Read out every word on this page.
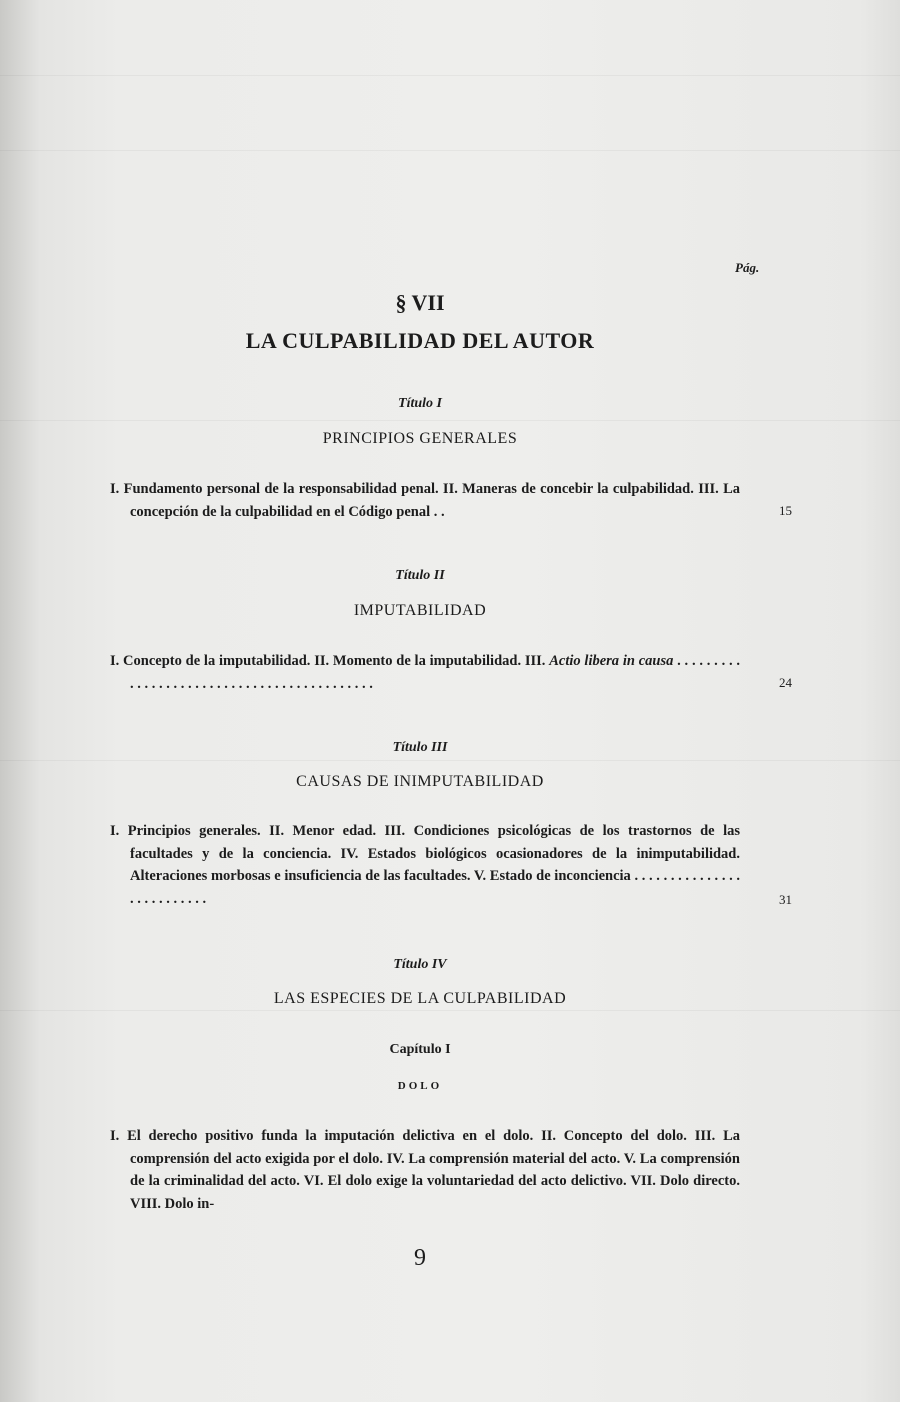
Pág.
§ VII
LA CULPABILIDAD DEL AUTOR
Título I
PRINCIPIOS GENERALES

I. Fundamento personal de la responsabilidad penal. II. Maneras de concebir la culpabilidad. III. La concepción de la culpabilidad en el Código penal . .	15
Título II
IMPUTABILIDAD

I. Concepto de la imputabilidad. II. Momento de la imputabilidad. III. Actio libera in causa . . . . . . . . . . . . . . . . . . . . . . . . . . . . . . . . . . . . . . . . . . .	24
Título III
CAUSAS DE INIMPUTABILIDAD

I. Principios generales. II. Menor edad. III. Condiciones psicológicas de los trastornos de las facultades y de la conciencia. IV. Estados biológicos ocasionadores de la inimputabilidad. Alteraciones morbosas e insuficiencia de las facultades. V. Estado de inconciencia . . . . . . . . . . . . . . . . . . . . . . . . . .	31
Título IV
LAS ESPECIES DE LA CULPABILIDAD
Capítulo I
DOLO

I. El derecho positivo funda la imputación delictiva en el dolo. II. Concepto del dolo. III. La comprensión del acto exigida por el dolo. IV. La comprensión material del acto. V. La comprensión de la criminalidad del acto. VI. El dolo exige la voluntariedad del acto delictivo. VII. Dolo directo. VIII. Dolo in-

9
